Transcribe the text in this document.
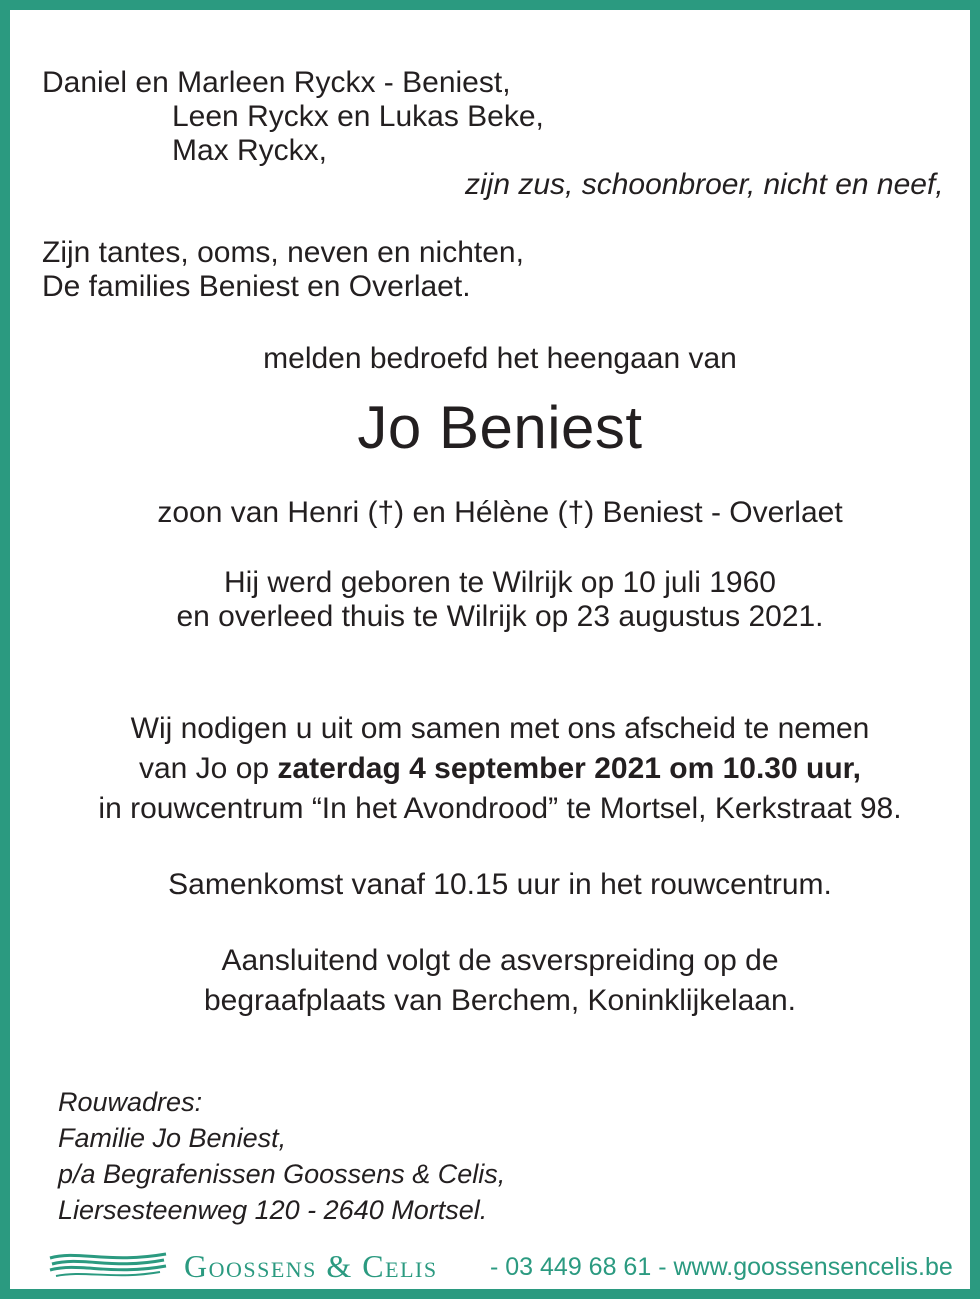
Daniel en Marleen Ryckx - Beniest,
Leen Ryckx en Lukas Beke,
Max Ryckx,
zijn zus, schoonbroer, nicht en neef,
Zijn tantes, ooms, neven en nichten,
De families Beniest en Overlaet.
melden bedroefd het heengaan van
Jo Beniest
zoon van Henri (†) en Hélène (†) Beniest - Overlaet
Hij werd geboren te Wilrijk op 10 juli 1960
en overleed thuis te Wilrijk op 23 augustus 2021.
Wij nodigen u uit om samen met ons afscheid te nemen
van Jo op zaterdag 4 september 2021 om 10.30 uur,
in rouwcentrum “In het Avondrood” te Mortsel, Kerkstraat 98.
Samenkomst vanaf 10.15 uur in het rouwcentrum.
Aansluitend volgt de asverspreiding op de
begraafplaats van Berchem, Koninklijkelaan.
Rouwadres:
Familie Jo Beniest,
p/a Begrafenissen Goossens & Celis,
Liersesteenweg 120 - 2640 Mortsel.
Goossens & Celis - 03 449 68 61 - www.goossensencelis.be
